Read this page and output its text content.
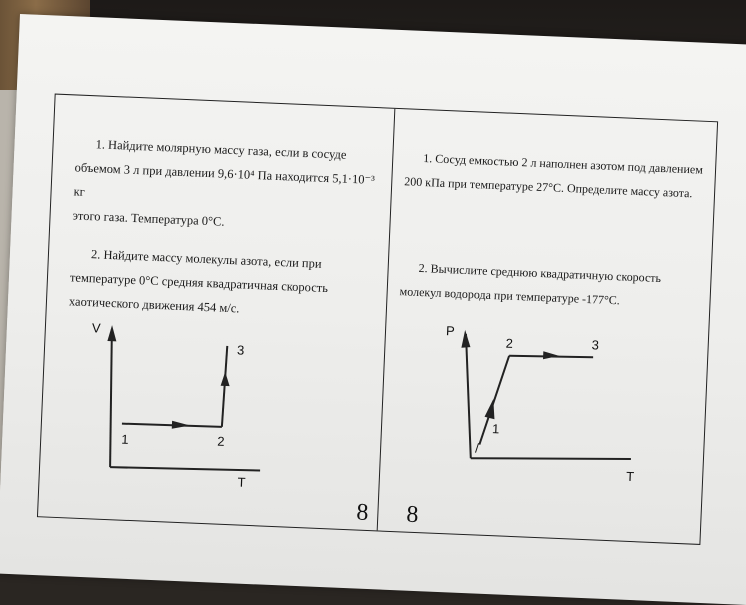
1. Найдите молярную массу газа, если в сосуде
объемом 3 л при давлении 9,6·10⁴ Па находится 5,1·10⁻³ кг
этого газа. Температура 0°С.
2. Найдите массу молекулы азота, если при
температуре 0°С средняя квадратичная скорость
хаотического движения 454 м/с.
V
T
1	2
3
8
1. Сосуд емкостью 2 л наполнен азотом под давлением
200 кПа при температуре 27°С. Определите массу азота.
2. Вычислите среднюю квадратичную скорость
молекул водорода при температуре -177°С.
P
T
/
1
2	3
8
